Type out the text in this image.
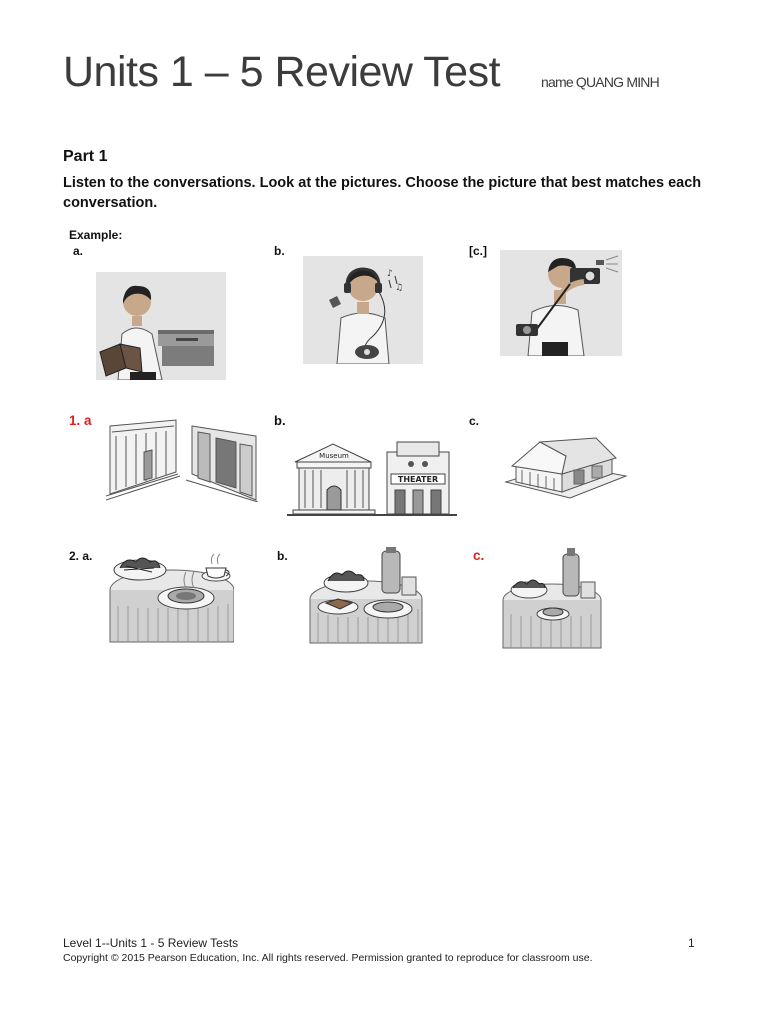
Units 1 – 5 Review Test	name QUANG MINH
Part 1
Listen to the conversations. Look at the pictures. Choose the picture that best matches each conversation.
Example:
a.	b.	[c.]
♪
♫
1. a	b.	c.
Museum
THEATER
2. a.	b.	c.
Level 1--Units 1 - 5 Review Tests	1
Copyright © 2015 Pearson Education, Inc. All rights reserved. Permission granted to reproduce for classroom use.
